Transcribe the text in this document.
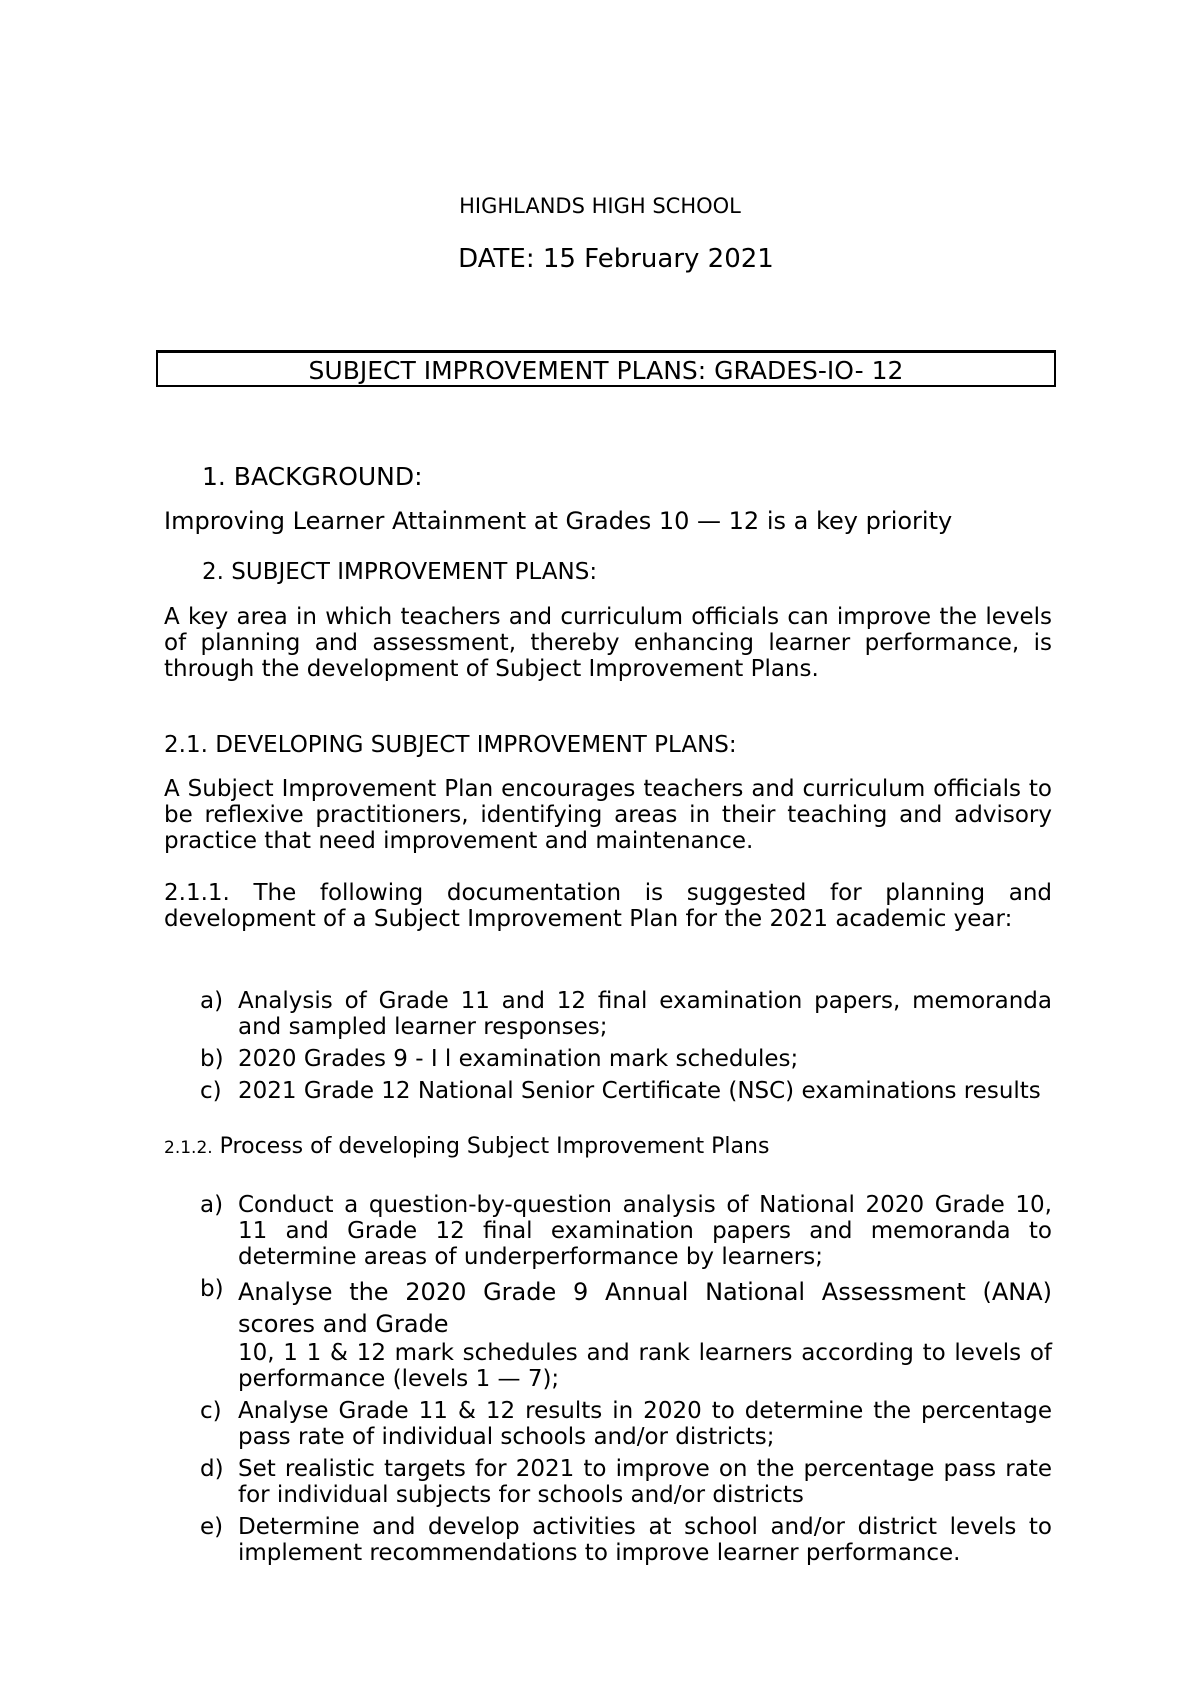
HIGHLANDS HIGH SCHOOL
DATE: 15 February 2021
SUBJECT IMPROVEMENT PLANS: GRADES-IO- 12
1. BACKGROUND:
Improving Learner Attainment at Grades 10 — 12 is a key priority
2. SUBJECT IMPROVEMENT PLANS:

A key area in which teachers and curriculum officials can improve the levels of planning and assessment, thereby enhancing learner performance, is through the development of Subject Improvement Plans.

2.1. DEVELOPING SUBJECT IMPROVEMENT PLANS:

A Subject Improvement Plan encourages teachers and curriculum officials to be reflexive practitioners, identifying areas in their teaching and advisory practice that need improvement and maintenance.

2.1.1. The following documentation is suggested for planning and development of a Subject Improvement Plan for the 2021 academic year:

a) Analysis of Grade 11 and 12 final examination papers, memoranda and sampled learner responses;
b) 2020 Grades 9 - I l examination mark schedules;
c) 2021 Grade 12 National Senior Certificate (NSC) examinations results
2.1.2. Process of developing Subject Improvement Plans
a) Conduct a question-by-question analysis of National 2020 Grade 10, 11 and Grade 12 final examination papers and memoranda to determine areas of underperformance by learners;
b) Analyse the 2020 Grade 9 Annual National Assessment (ANA) scores and Grade
10, 1 1 & 12 mark schedules and rank learners according to levels of performance (levels 1 — 7);
c) Analyse Grade 11 & 12 results in 2020 to determine the percentage pass rate of individual schools and/or districts;
d) Set realistic targets for 2021 to improve on the percentage pass rate for individual subjects for schools and/or districts
e) Determine and develop activities at school and/or district levels to implement recommendations to improve learner performance.
